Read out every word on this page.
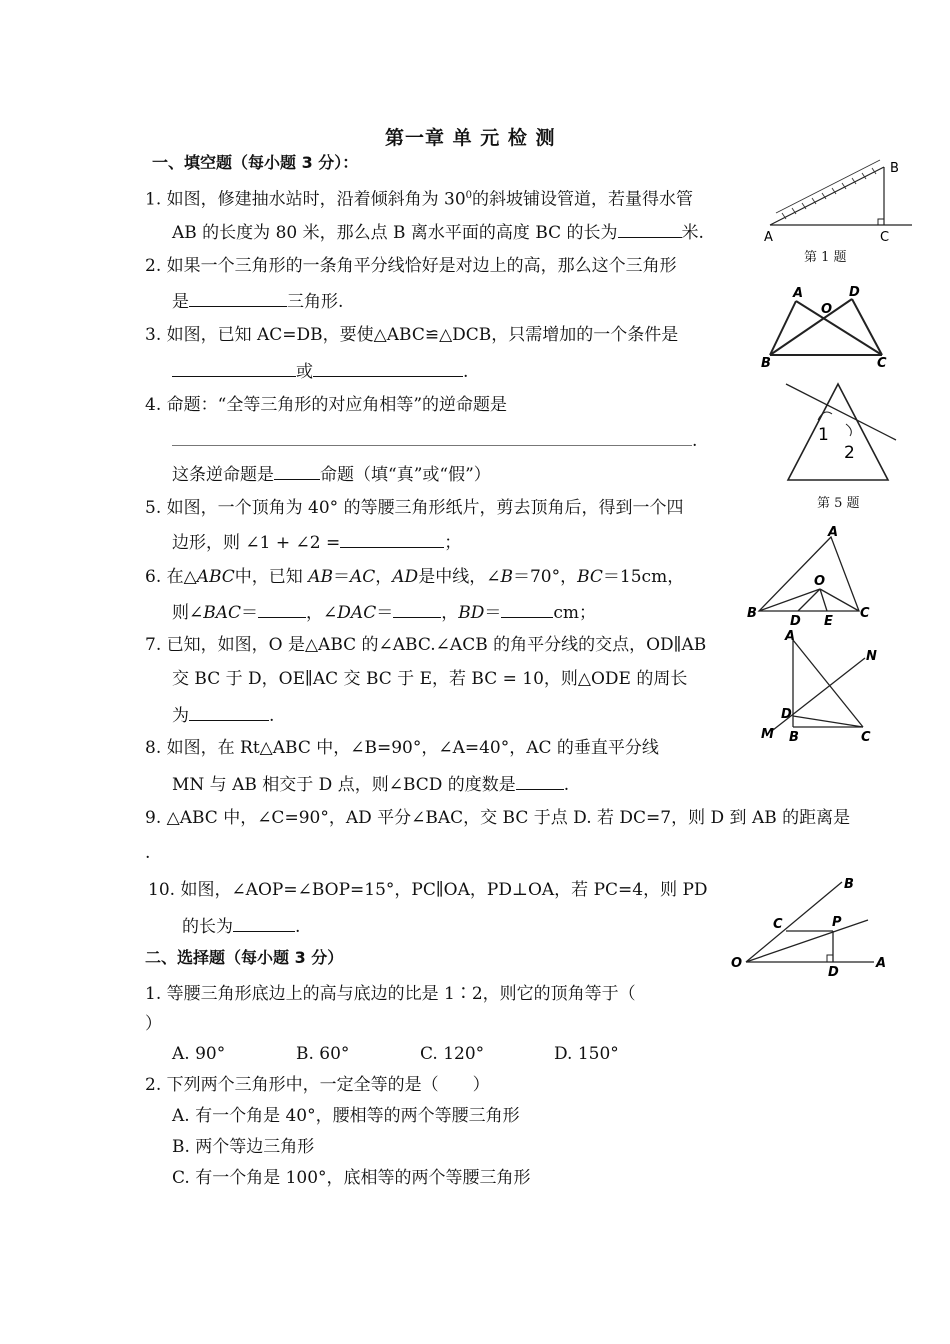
第一章 单 元 检 测
一、填空题（每小题 3 分）：
1. 如图，修建抽水站时，沿着倾斜角为 $30^0$的斜坡铺设管道，若量得水管
AB 的长度为 80 米，那么点 B 离水平面的高度 BC 的长为	米.
2. 如果一个三角形的一条角平分线恰好是对边上的高，那么这个三角形
是	三角形.
3. 如图，已知 AC=DB，要使△ABC≌△DCB，只需增加的一个条件是
或	.
4. 命题：“全等三角形的对应角相等”的逆命题是
.
这条逆命题是	命题（填“真”或“假”）
5. 如图，一个顶角为 40° 的等腰三角形纸片，剪去顶角后，得到一个四
边形，则 ∠1 + ∠2 =	；
6. 在△ABC中，已知 AB＝AC，AD是中线，∠B＝70°，BC＝15cm，
则∠BAC＝	，∠DAC＝	，BD＝	cm；
7. 已知，如图，O 是△ABC 的∠ABC.∠ACB 的角平分线的交点，OD∥AB
交 BC 于 D，OE∥AC 交 BC 于 E，若 BC = 10，则△ODE 的周长
为	.
8. 如图，在 Rt△ABC 中，∠B=90°，∠A=40°，AC 的垂直平分线
MN 与 AB 相交于 D 点，则∠BCD 的度数是	.
9. △ABC 中，∠C=90°，AD 平分∠BAC，交 BC 于点 D. 若 DC=7，则 D 到 AB 的距离是
.
10. 如图，∠AOP=∠BOP=15°，PC∥OA，PD⊥OA，若 PC=4，则 PD
的长为	.
二、选择题（每小题 3 分）
1. 等腰三角形底边上的高与底边的比是 1∶2，则它的顶角等于（
）
A. 90°	B. 60°	C. 120°	D. 150°
2. 下列两个三角形中，一定全等的是（　　）
A. 有一个角是 40°，腰相等的两个等腰三角形
B. 两个等边三角形
C. 有一个角是 100°，底相等的两个等腰三角形
A
B
C
第 1 题
A
O
D
B	C
1
2
第 5 题
A
O
B
D E
C
A
N
D
M B	C
B
C	P
O
D
A
